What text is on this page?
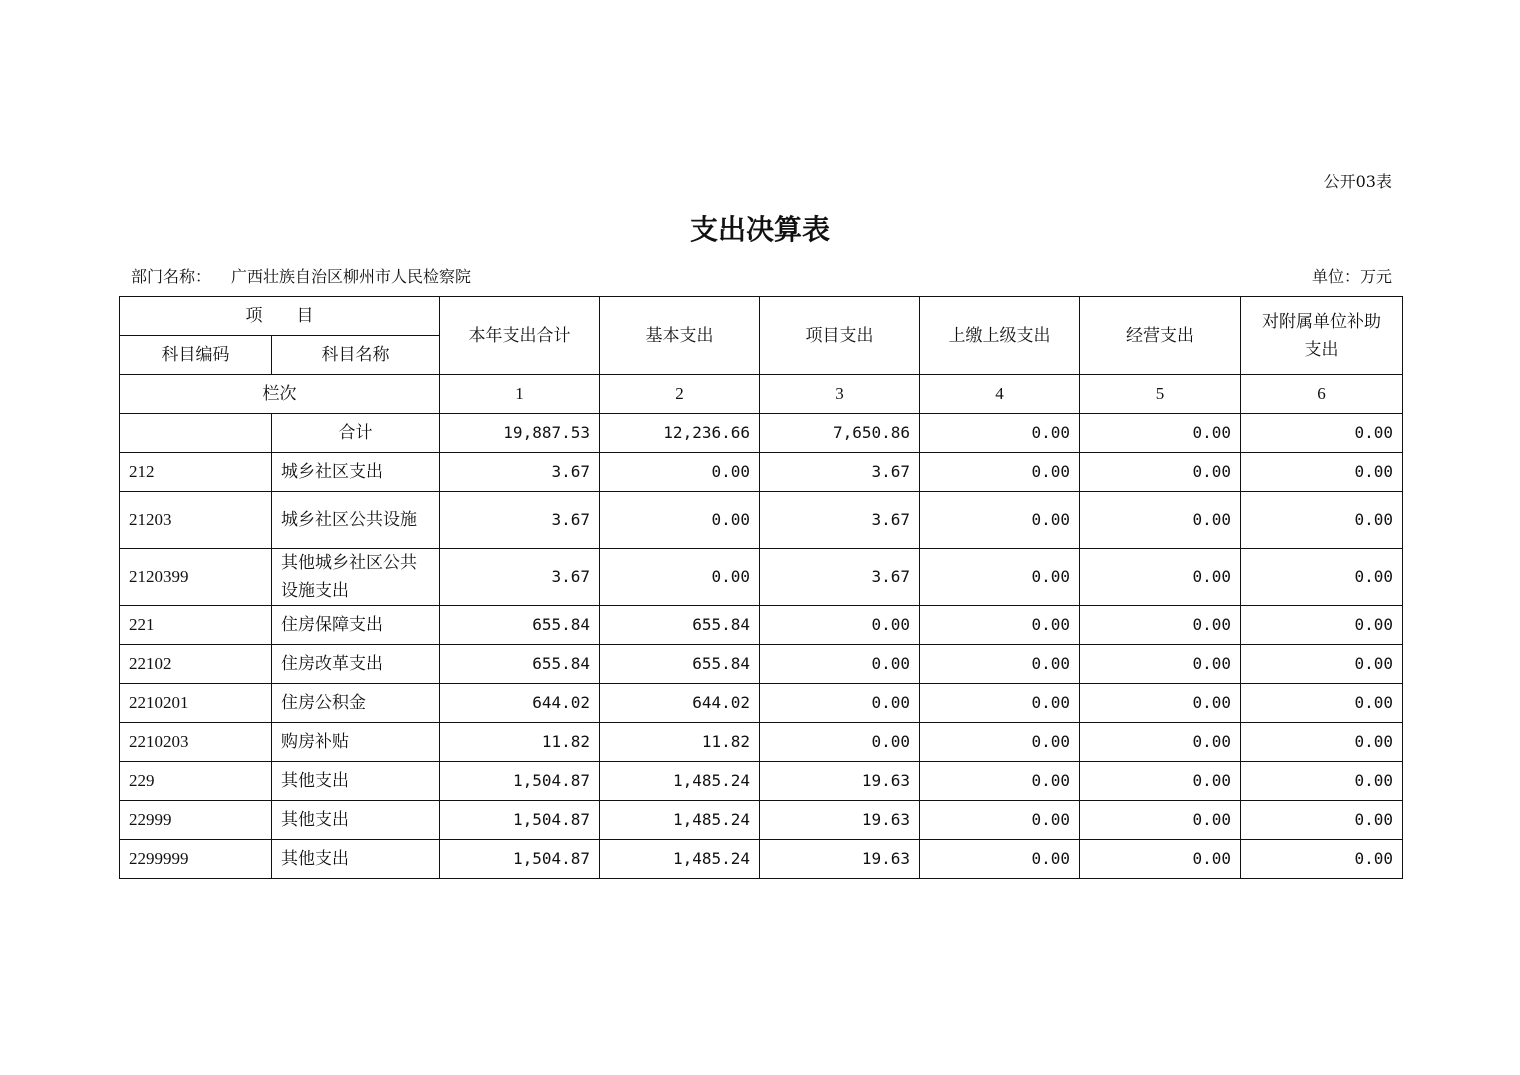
公开03表
支出决算表
部门名称： 广西壮族自治区柳州市人民检察院	单位：万元
项　　目		本年支出合计	基本支出	项目支出	上缴上级支出	经营支出	对附属单位补助支出
科目编码	科目名称						
栏次		1	2	3	4	5	6
	合计	19,887.53	12,236.66	7,650.86	0.00	0.00	0.00
212	城乡社区支出	3.67	0.00	3.67	0.00	0.00	0.00
21203	城乡社区公共设施	3.67	0.00	3.67	0.00	0.00	0.00
2120399	其他城乡社区公共设施支出	3.67	0.00	3.67	0.00	0.00	0.00
221	住房保障支出	655.84	655.84	0.00	0.00	0.00	0.00
22102	住房改革支出	655.84	655.84	0.00	0.00	0.00	0.00
2210201	住房公积金	644.02	644.02	0.00	0.00	0.00	0.00
2210203	购房补贴	11.82	11.82	0.00	0.00	0.00	0.00
229	其他支出	1,504.87	1,485.24	19.63	0.00	0.00	0.00
22999	其他支出	1,504.87	1,485.24	19.63	0.00	0.00	0.00
2299999	其他支出	1,504.87	1,485.24	19.63	0.00	0.00	0.00
